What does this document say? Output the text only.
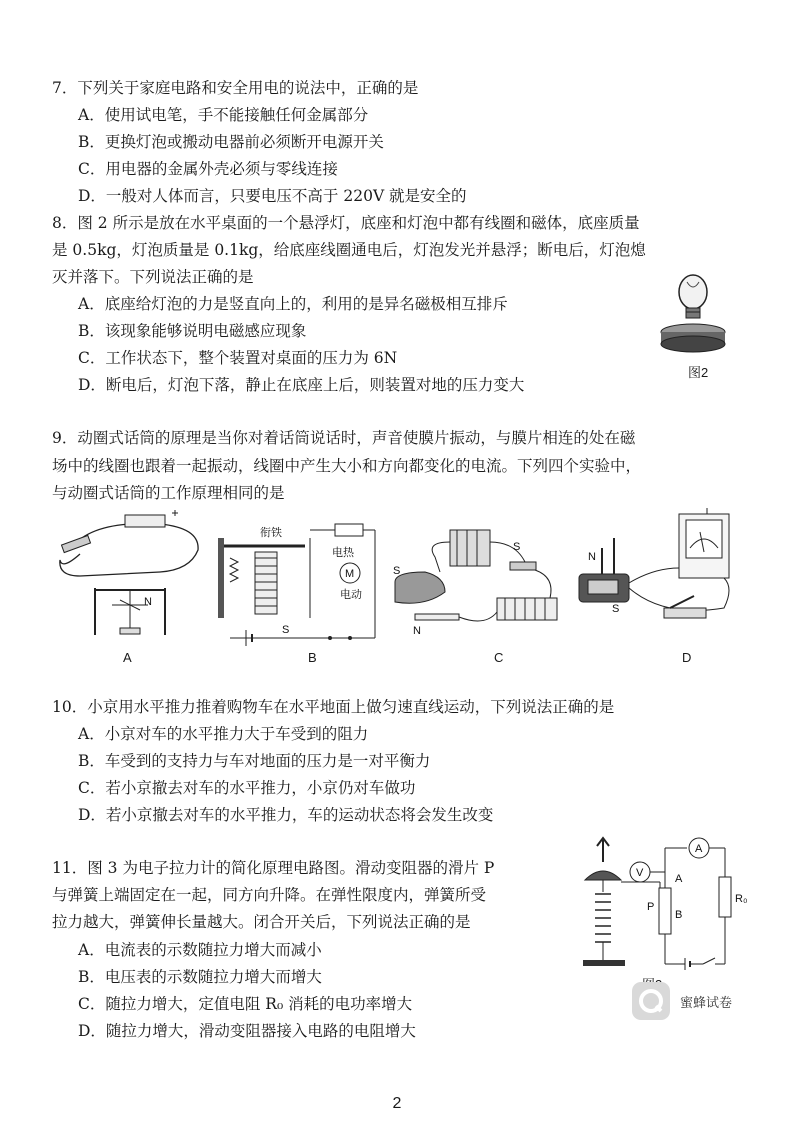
7．下列关于家庭电路和安全用电的说法中，正确的是
A．使用试电笔，手不能接触任何金属部分
B．更换灯泡或搬动电器前必须断开电源开关
C．用电器的金属外壳必须与零线连接
D．一般对人体而言，只要电压不高于 220V 就是安全的
8．图 2 所示是放在水平桌面的一个悬浮灯，底座和灯泡中都有线圈和磁体，底座质量
是 0.5kg，灯泡质量是 0.1kg，给底座线圈通电后，灯泡发光并悬浮；断电后，灯泡熄
灭并落下。下列说法正确的是
A．底座给灯泡的力是竖直向上的，利用的是异名磁极相互排斥
B．该现象能够说明电磁感应现象
C．工作状态下，整个装置对桌面的压力为 6N
D．断电后，灯泡下落，静止在底座上后，则装置对地的压力变大
图2
9．动圈式话筒的原理是当你对着话筒说话时，声音使膜片振动，与膜片相连的处在磁
场中的线圈也跟着一起振动，线圈中产生大小和方向都变化的电流。下列四个实验中，
与动圈式话筒的工作原理相同的是
N
A
衔铁
电热
M
电动
S
B
S
S
N
C
N
S
D
10．小京用水平推力推着购物车在水平地面上做匀速直线运动，下列说法正确的是
A．小京对车的水平推力大于车受到的阻力
B．车受到的支持力与车对地面的压力是一对平衡力
C．若小京撤去对车的水平推力，小京仍对车做功
D．若小京撤去对车的水平推力，车的运动状态将会发生改变
11．图 3 为电子拉力计的简化原理电路图。滑动变阻器的滑片 P
与弹簧上端固定在一起，同方向升降。在弹性限度内，弹簧所受
拉力越大，弹簧伸长量越大。闭合开关后，下列说法正确的是
A．电流表的示数随拉力增大而减小
B．电压表的示数随拉力增大而增大
C．随拉力增大，定值电阻 R₀ 消耗的电功率增大
D．随拉力增大，滑动变阻器接入电路的电阻增大
V	A
P
B
A
R₀
蜜蜂试卷
2
